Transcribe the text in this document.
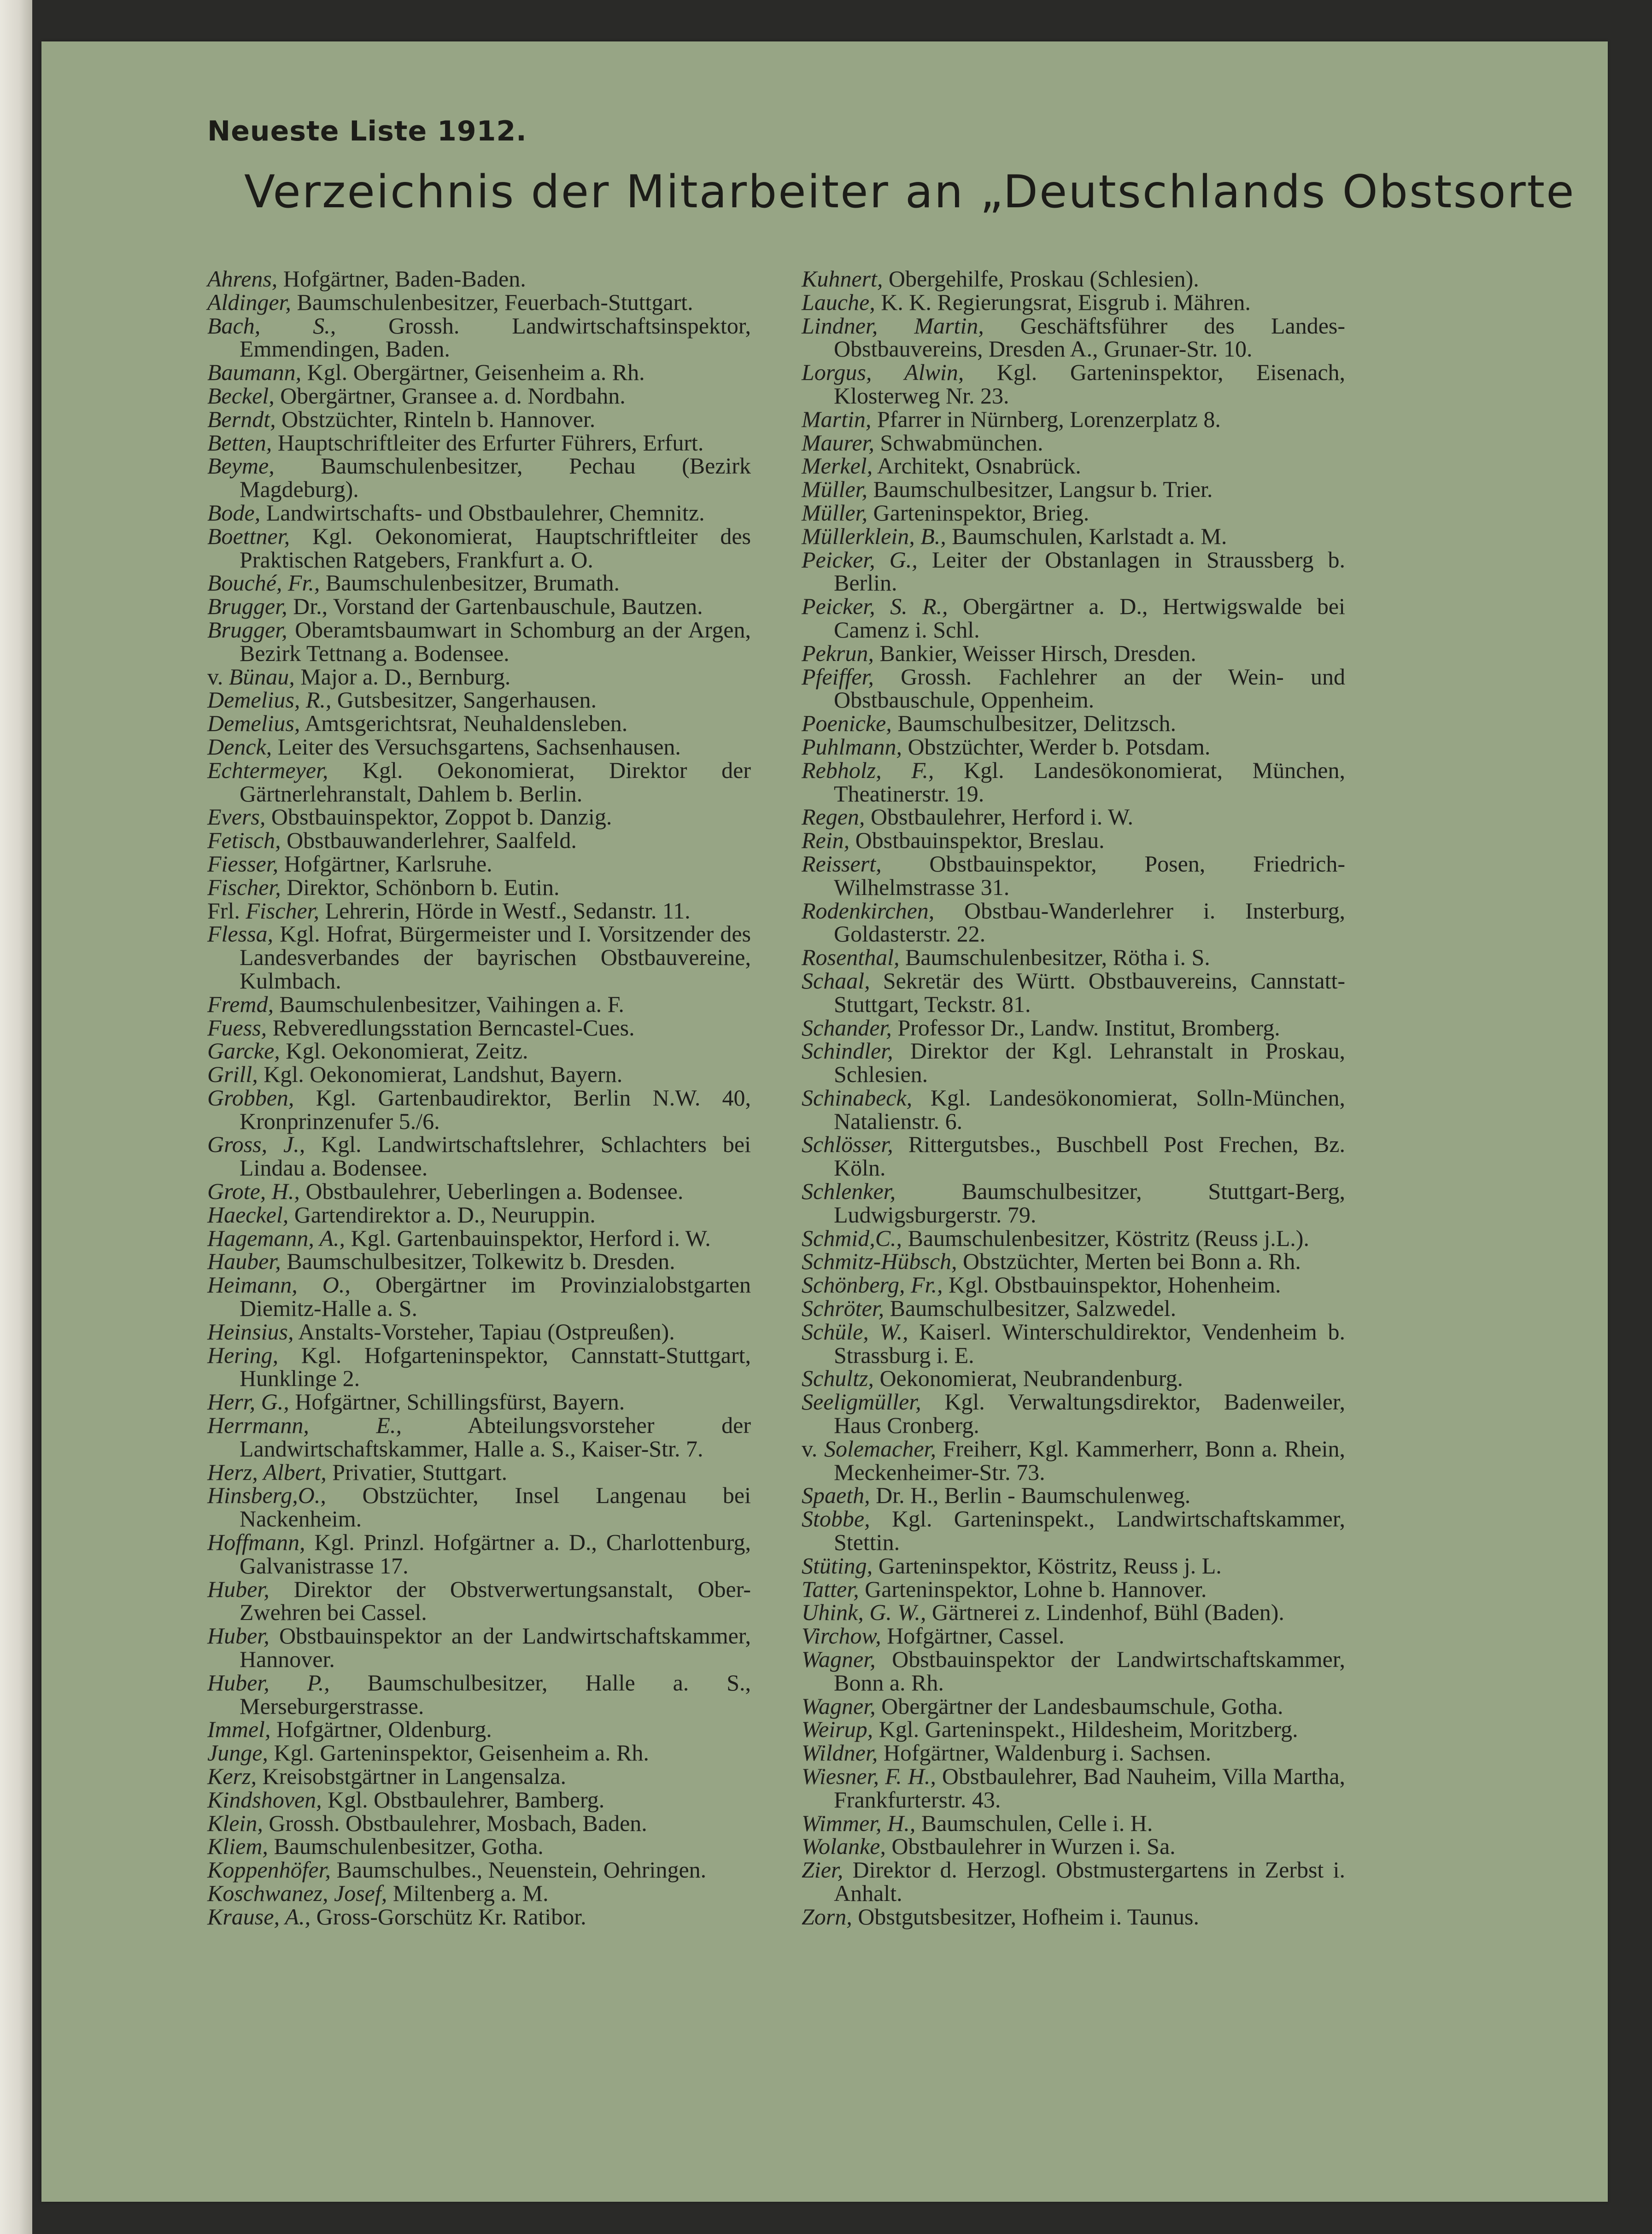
Neueste Liste 1912.
Verzeichnis der Mitarbeiter an „Deutschlands Obstsorte

Ahrens, Hofgärtner, Baden-Baden.

Aldinger, Baumschulenbesitzer, Feuerbach-Stuttgart.

Bach, S., Grossh. Landwirtschaftsinspektor, Emmendingen, Baden.

Baumann, Kgl. Obergärtner, Geisenheim a. Rh.

Beckel, Obergärtner, Gransee a. d. Nordbahn.

Berndt, Obstzüchter, Rinteln b. Hannover.

Betten, Hauptschriftleiter des Erfurter Führers, Erfurt.

Beyme, Baumschulenbesitzer, Pechau (Bezirk Magdeburg).

Bode, Landwirtschafts- und Obstbaulehrer, Chemnitz.

Boettner, Kgl. Oekonomierat, Hauptschriftleiter des Praktischen Ratgebers, Frankfurt a. O.

Bouché, Fr., Baumschulenbesitzer, Brumath.

Brugger, Dr., Vorstand der Gartenbauschule, Bautzen.

Brugger, Oberamtsbaumwart in Schomburg an der Argen, Bezirk Tettnang a. Bodensee.

v. Bünau, Major a. D., Bernburg.

Demelius, R., Gutsbesitzer, Sangerhausen.

Demelius, Amtsgerichtsrat, Neuhaldensleben.

Denck, Leiter des Versuchsgartens, Sachsenhausen.

Echtermeyer, Kgl. Oekonomierat, Direktor der Gärtnerlehranstalt, Dahlem b. Berlin.

Evers, Obstbauinspektor, Zoppot b. Danzig.

Fetisch, Obstbauwanderlehrer, Saalfeld.

Fiesser, Hofgärtner, Karlsruhe.

Fischer, Direktor, Schönborn b. Eutin.

Frl. Fischer, Lehrerin, Hörde in Westf., Sedanstr. 11.

Flessa, Kgl. Hofrat, Bürgermeister und I. Vorsitzender des Landesverbandes der bayrischen Obstbauvereine, Kulmbach.

Fremd, Baumschulenbesitzer, Vaihingen a. F.

Fuess, Rebveredlungsstation Berncastel-Cues.

Garcke, Kgl. Oekonomierat, Zeitz.

Grill, Kgl. Oekonomierat, Landshut, Bayern.

Grobben, Kgl. Gartenbaudirektor, Berlin N.W. 40, Kronprinzenufer 5./6.

Gross, J., Kgl. Landwirtschaftslehrer, Schlachters bei Lindau a. Bodensee.

Grote, H., Obstbaulehrer, Ueberlingen a. Bodensee.

Haeckel, Gartendirektor a. D., Neuruppin.

Hagemann, A., Kgl. Gartenbauinspektor, Herford i. W.

Hauber, Baumschulbesitzer, Tolkewitz b. Dresden.

Heimann, O., Obergärtner im Provinzialobstgarten Diemitz-Halle a. S.

Heinsius, Anstalts-Vorsteher, Tapiau (Ostpreußen).

Hering, Kgl. Hofgarteninspektor, Cannstatt-Stuttgart, Hunklinge 2.

Herr, G., Hofgärtner, Schillingsfürst, Bayern.

Herrmann, E.,	Abteilungsvorsteher der Landwirtschaftskammer, Halle a. S., Kaiser-Str. 7.

Herz, Albert, Privatier, Stuttgart.

Hinsberg,O., Obstzüchter, Insel Langenau bei Nackenheim.

Hoffmann, Kgl. Prinzl. Hofgärtner a. D., Charlottenburg, Galvanistrasse 17.

Huber, Direktor der Obstverwertungsanstalt, Ober-Zwehren bei Cassel.

Huber, Obstbauinspektor an der Landwirtschaftskammer, Hannover.

Huber, P., Baumschulbesitzer, Halle a. S., Merseburgerstrasse.

Immel, Hofgärtner, Oldenburg.

Junge, Kgl. Garteninspektor, Geisenheim a. Rh.

Kerz, Kreisobstgärtner in Langensalza.

Kindshoven, Kgl. Obstbaulehrer, Bamberg.

Klein, Grossh. Obstbaulehrer, Mosbach, Baden.

Kliem, Baumschulenbesitzer, Gotha.

Koppenhöfer, Baumschulbes., Neuenstein, Oehringen.

Koschwanez, Josef, Miltenberg a. M.

Krause, A., Gross-Gorschütz Kr. Ratibor.

Kuhnert, Obergehilfe, Proskau (Schlesien).

Lauche, K. K. Regierungsrat, Eisgrub i. Mähren.

Lindner, Martin, Geschäftsführer des Landes-Obstbauvereins, Dresden A., Grunaer-Str. 10.

Lorgus, Alwin, Kgl. Garteninspektor, Eisenach, Klosterweg Nr. 23.

Martin, Pfarrer in Nürnberg, Lorenzerplatz 8.

Maurer, Schwabmünchen.

Merkel, Architekt, Osnabrück.

Müller, Baumschulbesitzer, Langsur b. Trier.

Müller, Garteninspektor, Brieg.

Müllerklein, B., Baumschulen, Karlstadt a. M.

Peicker, G., Leiter der Obstanlagen in Straussberg b. Berlin.

Peicker, S. R., Obergärtner a. D., Hertwigswalde bei Camenz i. Schl.

Pekrun, Bankier, Weisser Hirsch, Dresden.

Pfeiffer, Grossh. Fachlehrer an der Wein- und Obstbauschule, Oppenheim.

Poenicke, Baumschulbesitzer, Delitzsch.

Puhlmann, Obstzüchter, Werder b. Potsdam.

Rebholz, F., Kgl. Landesökonomierat, München, Theatinerstr. 19.

Regen, Obstbaulehrer, Herford i. W.

Rein, Obstbauinspektor, Breslau.

Reissert, Obstbauinspektor, Posen, Friedrich-Wilhelmstrasse 31.

Rodenkirchen, Obstbau-Wanderlehrer i. Insterburg, Goldasterstr. 22.

Rosenthal, Baumschulenbesitzer, Rötha i. S.

Schaal, Sekretär des Württ. Obstbauvereins, Cannstatt-Stuttgart, Teckstr. 81.

Schander, Professor Dr., Landw. Institut, Bromberg.

Schindler, Direktor der Kgl. Lehranstalt in Proskau, Schlesien.

Schinabeck, Kgl. Landesökonomierat, Solln-München, Natalienstr. 6.

Schlösser, Rittergutsbes., Buschbell Post Frechen, Bz. Köln.

Schlenker,	Baumschulbesitzer, Stuttgart-Berg, Ludwigsburgerstr. 79.

Schmid,C., Baumschulenbesitzer, Köstritz (Reuss j.L.).

Schmitz-Hübsch, Obstzüchter, Merten bei Bonn a. Rh.

Schönberg, Fr., Kgl. Obstbauinspektor, Hohenheim.

Schröter, Baumschulbesitzer, Salzwedel.

Schüle, W., Kaiserl. Winterschuldirektor, Vendenheim b. Strassburg i. E.

Schultz, Oekonomierat, Neubrandenburg.

Seeligmüller, Kgl. Verwaltungsdirektor, Badenweiler, Haus Cronberg.

v. Solemacher, Freiherr, Kgl. Kammerherr, Bonn a. Rhein, Meckenheimer-Str. 73.

Spaeth, Dr. H., Berlin - Baumschulenweg.

Stobbe, Kgl. Garteninspekt., Landwirtschaftskammer, Stettin.

Stüting, Garteninspektor, Köstritz, Reuss j. L.

Tatter, Garteninspektor, Lohne b. Hannover.

Uhink, G. W., Gärtnerei z. Lindenhof, Bühl (Baden).

Virchow, Hofgärtner, Cassel.

Wagner, Obstbauinspektor der Landwirtschaftskammer, Bonn a. Rh.

Wagner, Obergärtner der Landesbaumschule, Gotha.

Weirup, Kgl. Garteninspekt., Hildesheim, Moritzberg.

Wildner, Hofgärtner, Waldenburg i. Sachsen.

Wiesner, F. H., Obstbaulehrer, Bad Nauheim, Villa Martha, Frankfurterstr. 43.

Wimmer, H., Baumschulen, Celle i. H.

Wolanke, Obstbaulehrer in Wurzen i. Sa.

Zier, Direktor d. Herzogl. Obstmustergartens in Zerbst i. Anhalt.

Zorn, Obstgutsbesitzer, Hofheim i. Taunus.
